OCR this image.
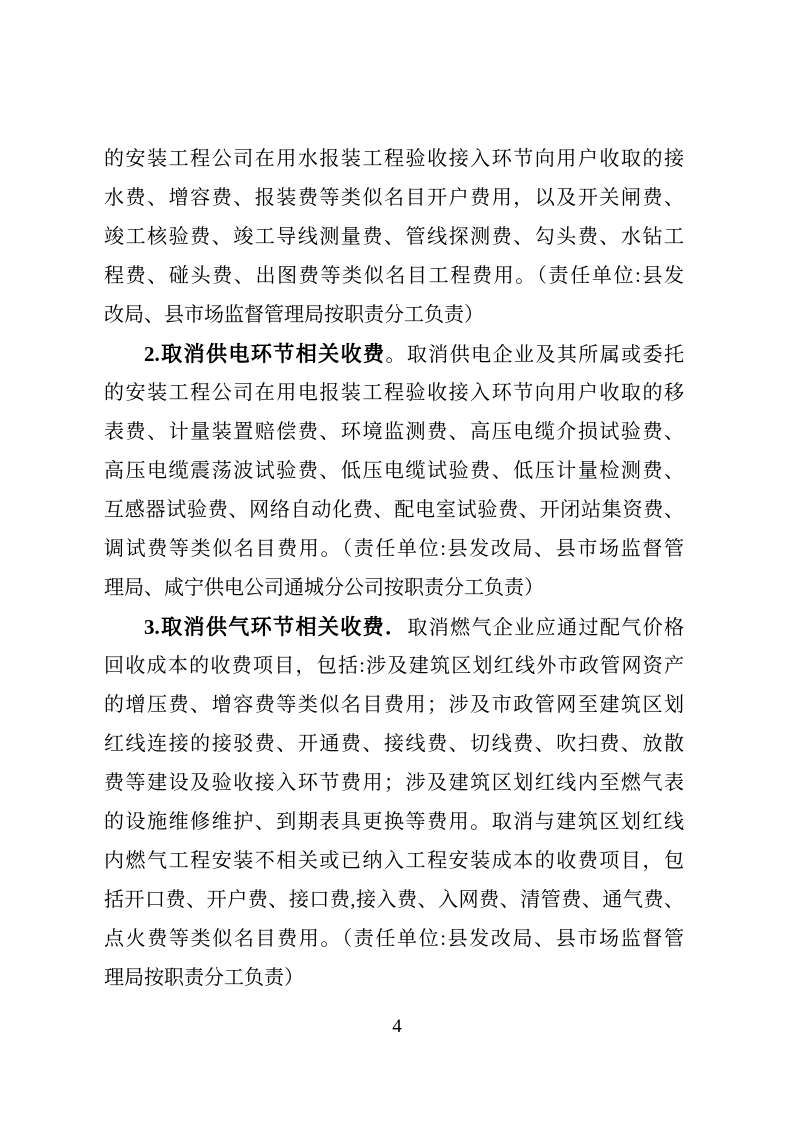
的安装工程公司在用水报装工程验收接入环节向用户收取的接
水费、增容费、报装费等类似名目开户费用，以及开关闸费、
竣工核验费、竣工导线测量费、管线探测费、勾头费、水钻工
程费、碰头费、出图费等类似名目工程费用。（责任单位:县发
改局、县市场监督管理局按职责分工负责）
2.取消供电环节相关收费。取消供电企业及其所属或委托
的安装工程公司在用电报装工程验收接入环节向用户收取的移
表费、计量装置赔偿费、环境监测费、高压电缆介损试验费、
高压电缆震荡波试验费、低压电缆试验费、低压计量检测费、
互感器试验费、网络自动化费、配电室试验费、开闭站集资费、
调试费等类似名目费用。（责任单位:县发改局、县市场监督管
理局、咸宁供电公司通城分公司按职责分工负责）
3.取消供气环节相关收费．取消燃气企业应通过配气价格
回收成本的收费项目，包括:涉及建筑区划红线外市政管网资产
的增压费、增容费等类似名目费用；涉及市政管网至建筑区划
红线连接的接驳费、开通费、接线费、切线费、吹扫费、放散
费等建设及验收接入环节费用；涉及建筑区划红线内至燃气表
的设施维修维护、到期表具更换等费用。取消与建筑区划红线
内燃气工程安装不相关或已纳入工程安装成本的收费项目，包
括开口费、开户费、接口费,接入费、入网费、清管费、通气费、
点火费等类似名目费用。（责任单位:县发改局、县市场监督管
理局按职责分工负责）
4
